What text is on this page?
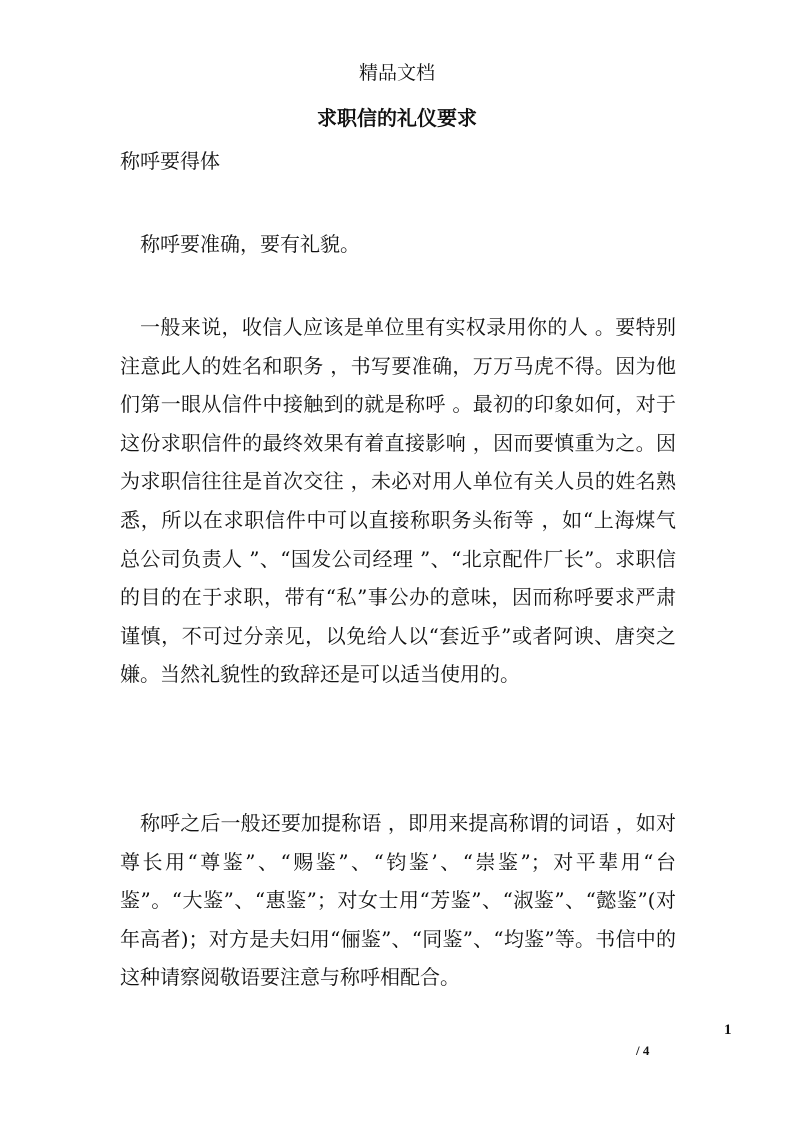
精品文档
求职信的礼仪要求
称呼要得体

称呼要准确，要有礼貌。

一般来说，收信人应该是单位里有实权录用你的人 。要特别注意此人的姓名和职务 ，书写要准确，万万马虎不得。因为他们第一眼从信件中接触到的就是称呼 。最初的印象如何，对于这份求职信件的最终效果有着直接影响 ，因而要慎重为之。因为求职信往往是首次交往 ，未必对用人单位有关人员的姓名熟悉，所以在求职信件中可以直接称职务头衔等 ，如“上海煤气总公司负责人 ”、“国发公司经理 ”、“北京配件厂长”。求职信的目的在于求职，带有“私”事公办的意味，因而称呼要求严肃谨慎，不可过分亲见，以免给人以“套近乎”或者阿谀、唐突之嫌。当然礼貌性的致辞还是可以适当使用的。

称呼之后一般还要加提称语 ，即用来提高称谓的词语 ，如对尊长用“尊鉴”、“赐鉴”、“钧鉴’、“崇鉴”；对平辈用“台鉴”。“大鉴”、“惠鉴”；对女士用“芳鉴”、“淑鉴”、“懿鉴”(对年高者)；对方是夫妇用“俪鉴”、“同鉴”、“均鉴”等。书信中的这种请察阅敬语要注意与称呼相配合。

1
/ 4
